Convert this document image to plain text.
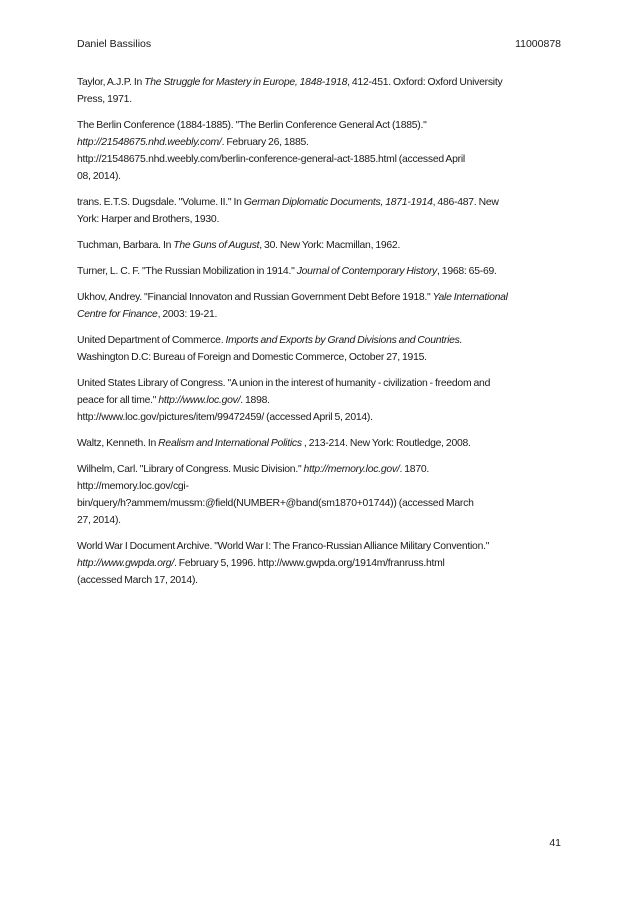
Daniel Bassilios	11000878
Taylor, A.J.P. In The Struggle for Mastery in Europe, 1848-1918, 412-451. Oxford: Oxford University
Press, 1971.
The Berlin Conference (1884-1885). "The Berlin Conference General Act (1885)."
http://21548675.nhd.weebly.com/. February 26, 1885.
http://21548675.nhd.weebly.com/berlin-conference-general-act-1885.html (accessed April
08, 2014).
trans. E.T.S. Dugsdale. "Volume. II." In German Diplomatic Documents, 1871-1914, 486-487. New
York: Harper and Brothers, 1930.
Tuchman, Barbara. In The Guns of August, 30. New York: Macmillan, 1962.
Turner, L. C. F. "The Russian Mobilization in 1914." Journal of Contemporary History, 1968: 65-69.
Ukhov, Andrey. "Financial Innovaton and Russian Government Debt Before 1918." Yale International
Centre for Finance, 2003: 19-21.
United Department of Commerce. Imports and Exports by Grand Divisions and Countries.
Washington D.C: Bureau of Foreign and Domestic Commerce, October 27, 1915.
United States Library of Congress. "A union in the interest of humanity - civilization - freedom and
peace for all time." http://www.loc.gov/. 1898.
http://www.loc.gov/pictures/item/99472459/ (accessed April 5, 2014).
Waltz, Kenneth. In Realism and International Politics , 213-214. New York: Routledge, 2008.
Wilhelm, Carl. "Library of Congress. Music Division." http://memory.loc.gov/. 1870.
http://memory.loc.gov/cgi-
bin/query/h?ammem/mussm:@field(NUMBER+@band(sm1870+01744)) (accessed March
27, 2014).
World War I Document Archive. "World War I: The Franco-Russian Alliance Military Convention."
http://www.gwpda.org/. February 5, 1996. http://www.gwpda.org/1914m/franruss.html
(accessed March 17, 2014).
41
